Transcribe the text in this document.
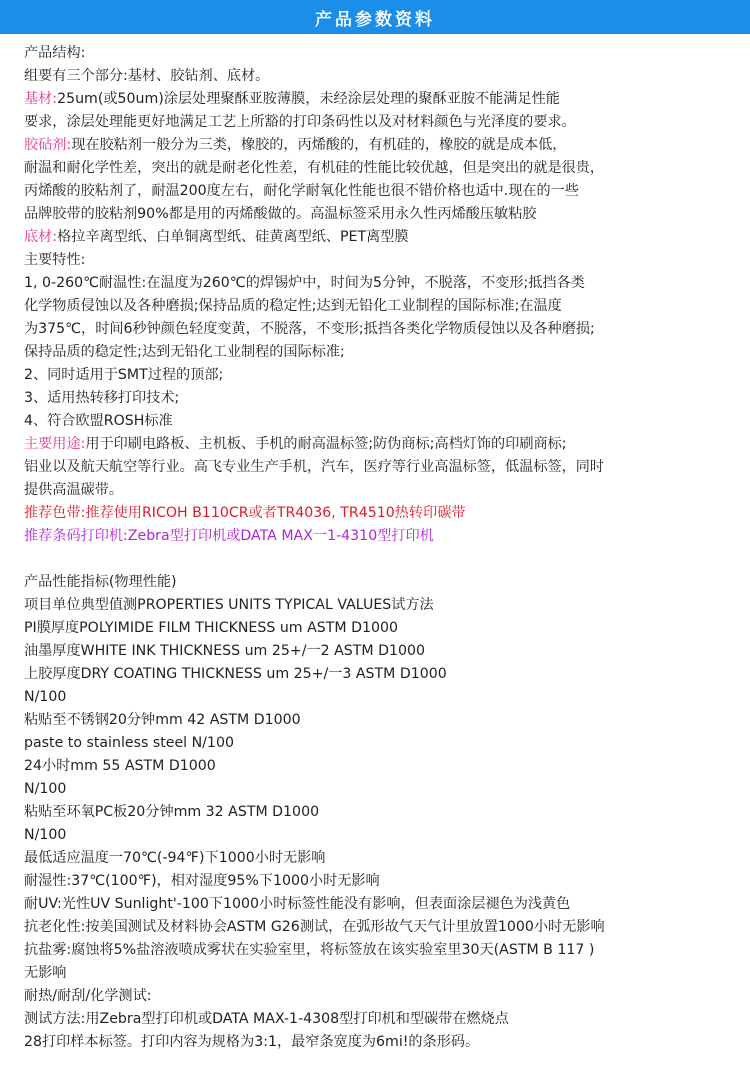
产品参数资料
产品结构:
组要有三个部分:基材、胶钻剂、底材。
基材:25um(或50um)涂层处理聚酥亚胺薄膜，未经涂层处理的聚酥亚胺不能满足性能
要求，涂层处理能更好地满足工艺上所豁的打印条码性以及对材料颜色与光泽度的要求。
胶砧剂:现在胶粘剂一般分为三类，橡胶的，丙烯酸的，有机硅的，橡胶的就是成本低，
耐温和耐化学性差，突出的就是耐老化性差，有机硅的性能比较优越，但是突出的就是很贵，
丙烯酸的胶粘剂了，耐温200度左右，耐化学耐氧化性能也很不错价格也适中.现在的一些
品牌胶带的胶粘剂90%都是用的丙烯酸做的。高温标签采用永久性丙烯酸压敏粘胶
底材:格拉辛离型纸、白单铜离型纸、硅黄离型纸、PET离型膜
主要特性:
1, 0-260℃耐温性:在温度为260℃的焊锡炉中，时间为5分钟，不脱落，不变形;抵挡各类
化学物质侵蚀以及各种磨损;保持品质的稳定性;达到无铅化工业制程的国际标准;在温度
为375℃，时间6秒钟颜色轻度变黄，不脱落，不变形;抵挡各类化学物质侵蚀以及各种磨损;
保持品质的稳定性;达到无铅化工业制程的国际标准;
2、同时适用于SMT过程的顶部;
3、适用热转移打印技术;
4、符合欧盟ROSH标准
主要用途:用于印刷电路板、主机板、手机的耐高温标签;防伪商标;高档灯饰的印刷商标;
铝业以及航天航空等行业。高飞专业生产手机，汽车，医疗等行业高温标签，低温标签，同时
提供高温碳带。
推荐色带:推荐使用RICOH B110CR或者TR4036, TR4510热转印碳带
推荐条码打印机:Zebra型打印机或DATA MAX一1-4310型打印机
产品性能指标(物理性能)
项目单位典型值测PROPERTIES UNITS TYPICAL VALUES试方法
PI膜厚度POLYIMIDE FILM THICKNESS um ASTM D1000
油墨厚度WHITE INK THICKNESS um 25+/一2 ASTM D1000
上胶厚度DRY COATING THICKNESS um 25+/一3 ASTM D1000
N/100
粘贴至不锈钢20分钟mm 42 ASTM D1000
paste to stainless steel N/100
24小时mm 55 ASTM D1000
N/100
粘贴至环氧PC板20分钟mm 32 ASTM D1000
N/100
最低适应温度一70℃(-94℉)下1000小时无影响
耐湿性:37℃(100℉)，相对湿度95%下1000小时无影响
耐UV:光性UV Sunlight'-100下1000小时标签性能没有影响，但表面涂层褪色为浅黄色
抗老化性:按美国测试及材料协会ASTM G26测试，在弧形故气天气计里放置1000小时无影响
抗盐雾:腐蚀将5%盐溶液喷成雾状在实验室里，将标签放在该实验室里30天(ASTM B 117 )
无影响
耐热/耐刮/化学测试:
测试方法:用Zebra型打印机或DATA MAX-1-4308型打印机和型碳带在燃烧点
28打印样本标签。打印内容为规格为3:1，最窄条宽度为6mi!的条形码。
